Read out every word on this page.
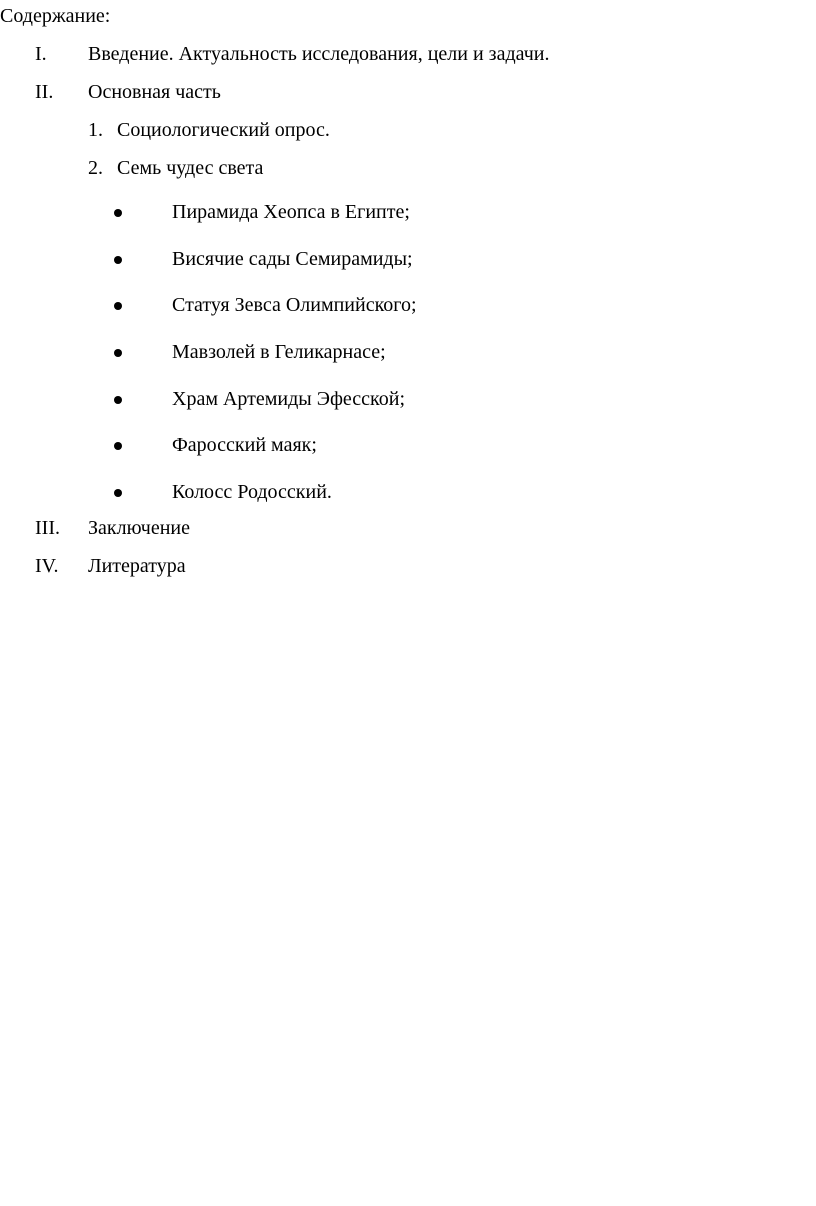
Содержание:
I. Введение. Актуальность исследования, цели и задачи.
II. Основная часть
1. Социологический опрос.
2. Семь чудес света
Пирамида Хеопса в Египте;
Висячие сады Семирамиды;
Статуя Зевса Олимпийского;
Мавзолей в Геликарнасе;
Храм Артемиды Эфесской;
Фаросский маяк;
Колосс Родосский.
III. Заключение
IV. Литература
